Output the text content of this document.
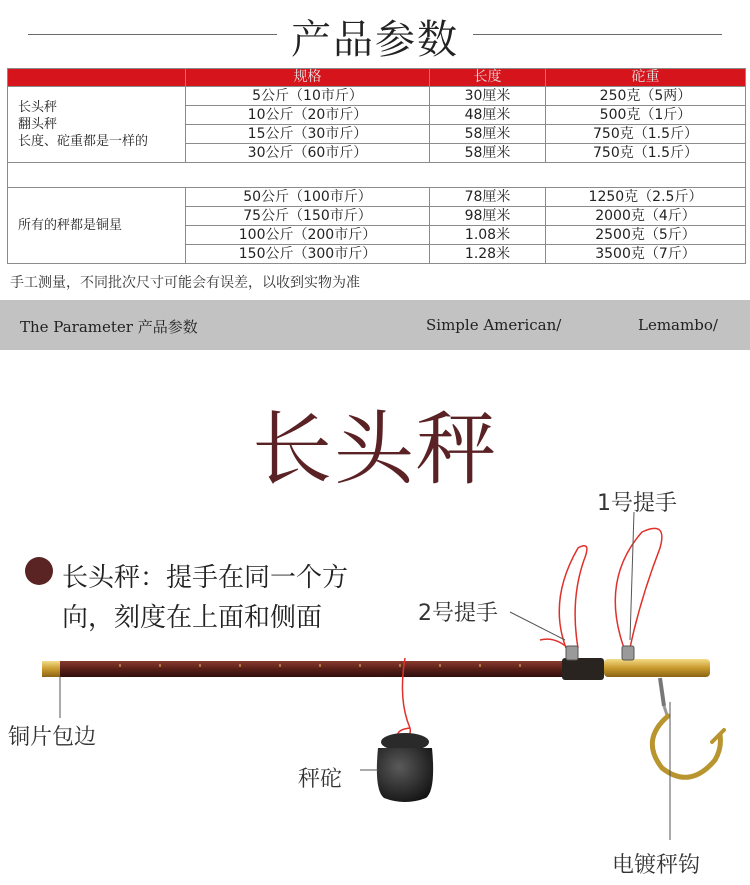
产品参数
	规格	长度	砣重

长头秤
翻头秤
长度、砣重都是一样的	5公斤（10市斤）	30厘米	250克（5两）
	10公斤（20市斤）	48厘米	500克（1斤）
	15公斤（30市斤）	58厘米	750克（1.5斤）
	30公斤（60市斤）	58厘米	750克（1.5斤）

所有的秤都是铜星	50公斤（100市斤）	78厘米	1250克（2.5斤）
	75公斤（150市斤）	98厘米	2000克（4斤）
	100公斤（200市斤）	1.08米	2500克（5斤）
	150公斤（300市斤）	1.28米	3500克（7斤）
手工测量，不同批次尺寸可能会有误差，以收到实物为准
The Parameter 产品参数	Simple American/	Lemambo/
长头秤
长头秤：提手在同一个方
向，刻度在上面和侧面
1号提手
2号提手
铜片包边
秤砣
电镀秤钩
